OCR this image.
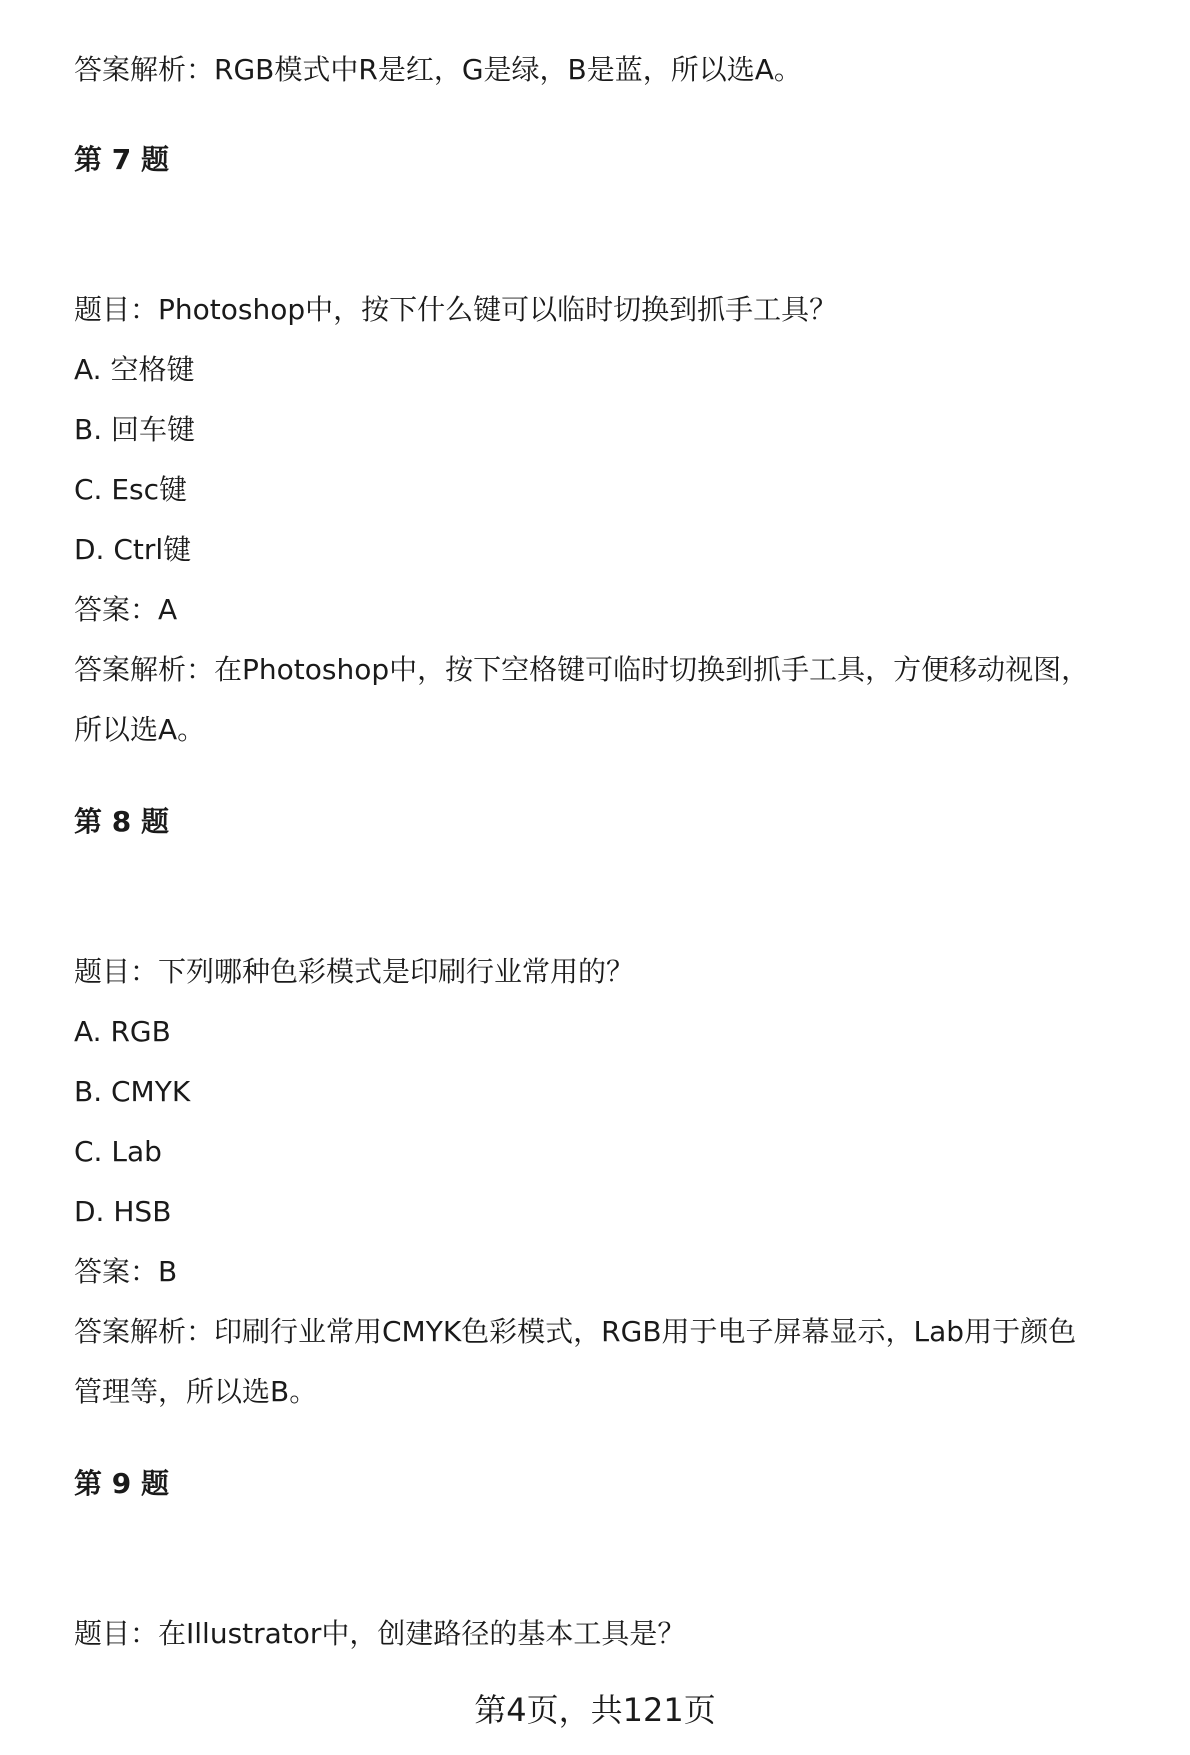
答案解析：RGB模式中R是红，G是绿，B是蓝，所以选A。
第 7 题
题目：Photoshop中，按下什么键可以临时切换到抓手工具？
A. 空格键
B. 回车键
C. Esc键
D. Ctrl键
答案：A
答案解析：在Photoshop中，按下空格键可临时切换到抓手工具，方便移动视图，
所以选A。
第 8 题
题目：下列哪种色彩模式是印刷行业常用的？
A. RGB
B. CMYK
C. Lab
D. HSB
答案：B
答案解析：印刷行业常用CMYK色彩模式，RGB用于电子屏幕显示，Lab用于颜色
管理等，所以选B。
第 9 题
题目：在Illustrator中，创建路径的基本工具是？
第4页，共121页
